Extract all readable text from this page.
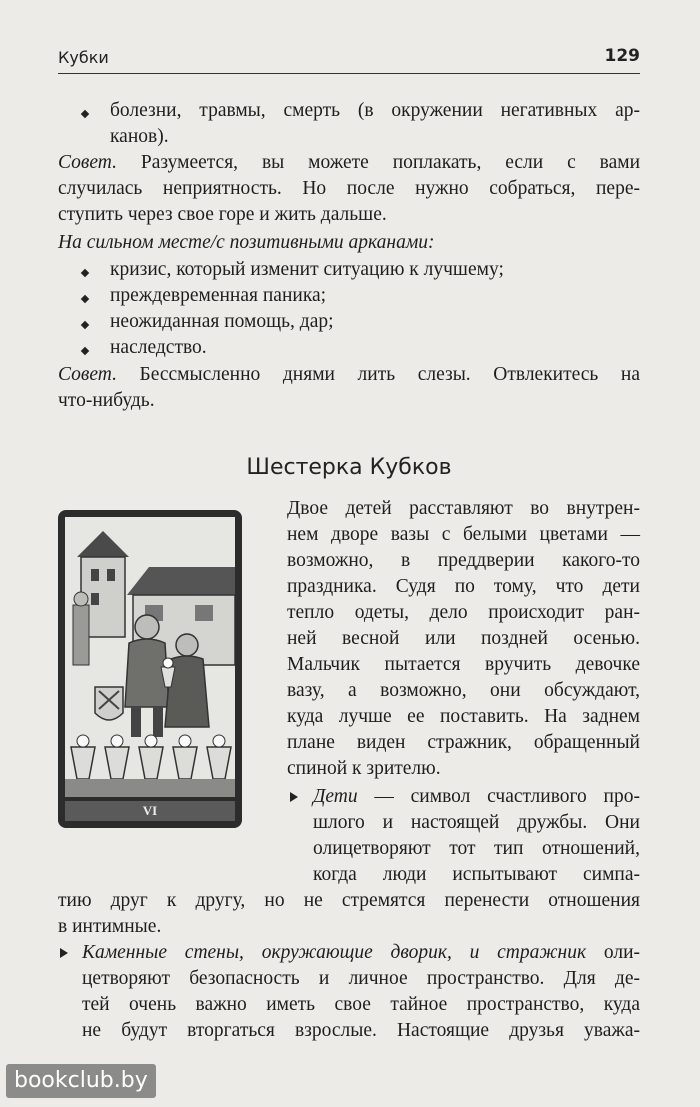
Кубки	129
болезни, травмы, смерть (в окружении негативных ар-
канов).
Совет. Разумеется, вы можете поплакать, если с вами
случилась неприятность. Но после нужно собраться, пере-
ступить через свое горе и жить дальше.
На сильном месте/с позитивными арканами:
кризис, который изменит ситуацию к лучшему;
преждевременная паника;
неожиданная помощь, дар;
наследство.
Совет. Бессмысленно днями лить слезы. Отвлекитесь на
что-нибудь.
Шестерка Кубков
VI
Двое детей расставляют во внутрен-
нем дворе вазы с белыми цветами —
возможно, в преддверии какого-то
праздника. Судя по тому, что дети
тепло одеты, дело происходит ран-
ней весной или поздней осенью.
Мальчик пытается вручить девочке
вазу, а возможно, они обсуждают,
куда лучше ее поставить. На заднем
плане виден стражник, обращенный
спиной к зрителю.
Дети — символ счастливого про-
шлого и настоящей дружбы. Они
олицетворяют тот тип отношений,
когда люди испытывают симпа-
тию друг к другу, но не стремятся перенести отношения
в интимные.
Каменные стены, окружающие дворик, и стражник оли-
цетворяют безопасность и личное пространство. Для де-
тей очень важно иметь свое тайное пространство, куда
не будут вторгаться взрослые. Настоящие друзья уважа-
bookclub.by
